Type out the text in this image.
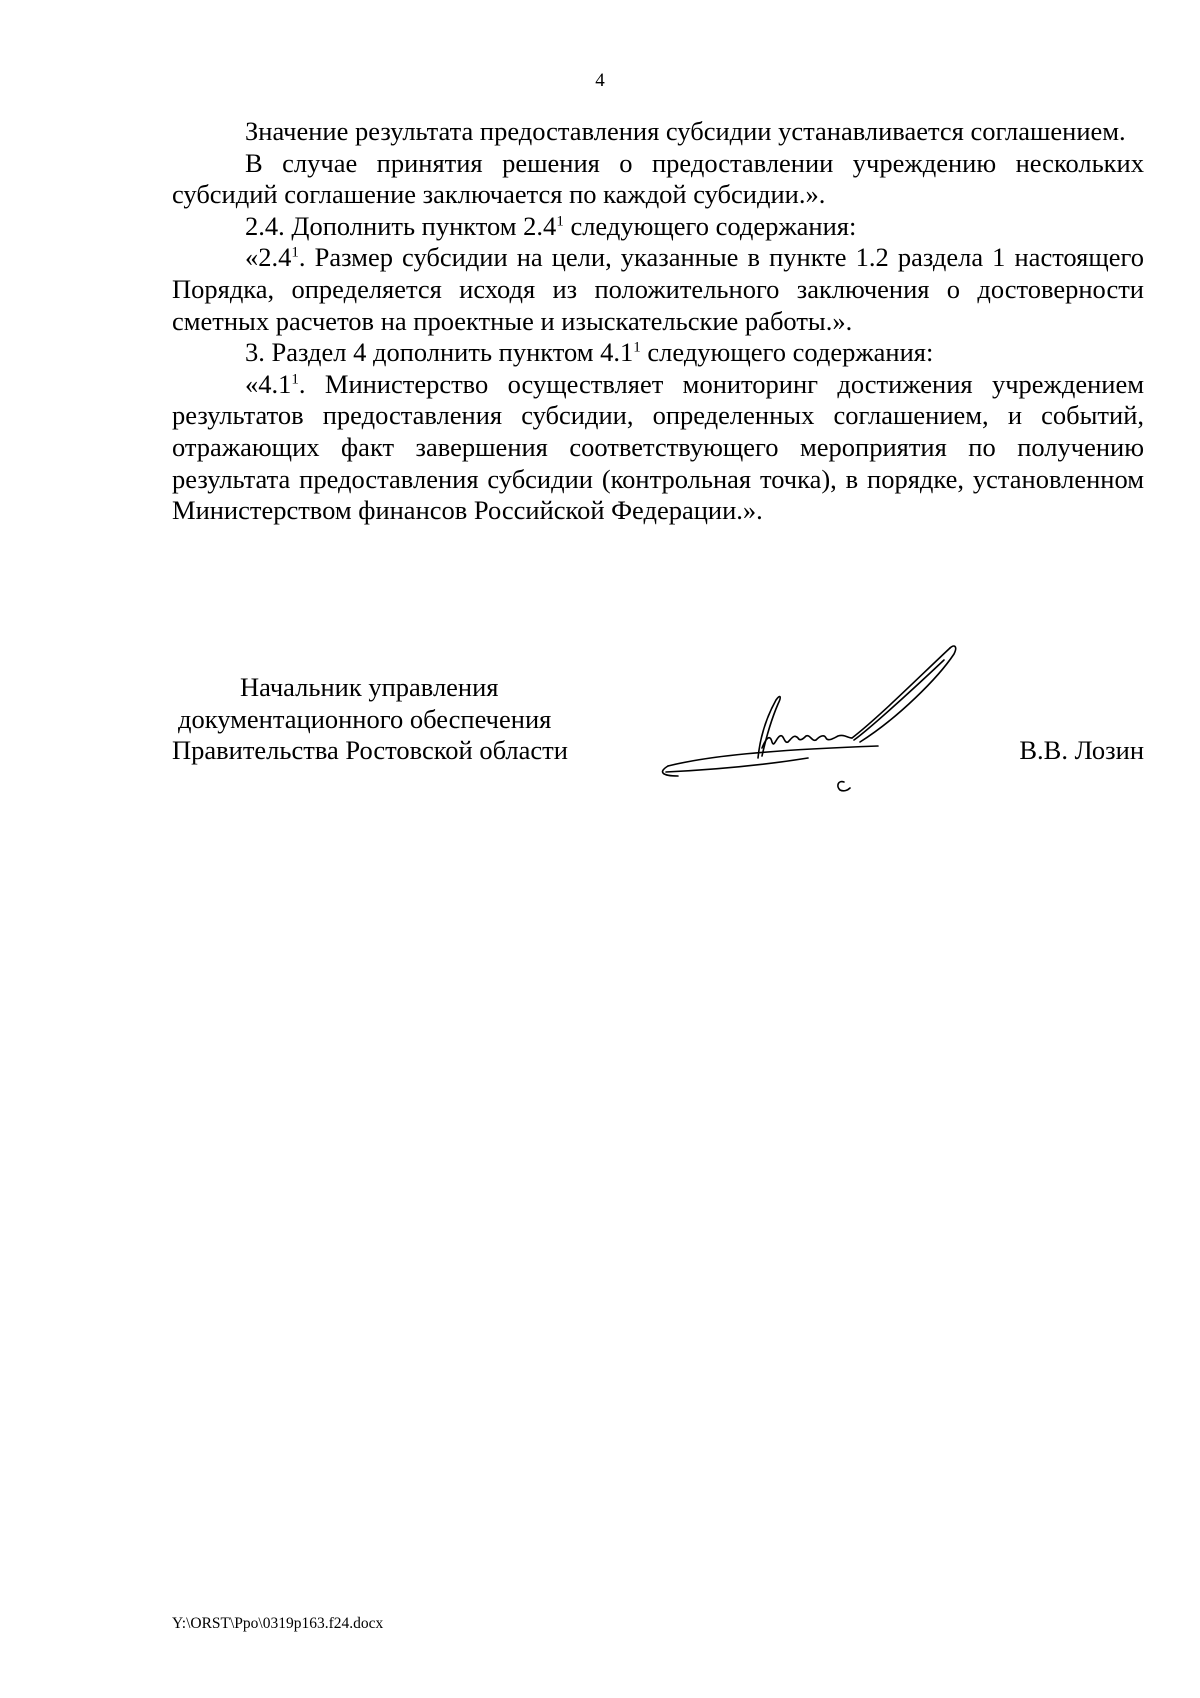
4

Значение результата предоставления субсидии устанавливается соглашением.

В случае принятия решения о предоставлении учреждению нескольких субсидий соглашение заключается по каждой субсидии.».

2.4. Дополнить пунктом $2.4^1$ следующего содержания:

«$2.4^1$. Размер субсидии на цели, указанные в пункте 1.2 раздела 1 настоящего Порядка, определяется исходя из положительного заключения о достоверности сметных расчетов на проектные и изыскательские работы.».

3. Раздел 4 дополнить пунктом $4.1^1$ следующего содержания:

«$4.1^1$. Министерство осуществляет мониторинг достижения учреждением результатов предоставления субсидии, определенных соглашением, и событий, отражающих факт завершения соответствующего мероприятия по получению результата предоставления субсидии (контрольная точка), в порядке, установленном Министерством финансов Российской Федерации.».

Начальник управления
документационного обеспечения
Правительства Ростовской области	В.В. Лозин
Y:\ORST\Ppo\0319p163.f24.docx
